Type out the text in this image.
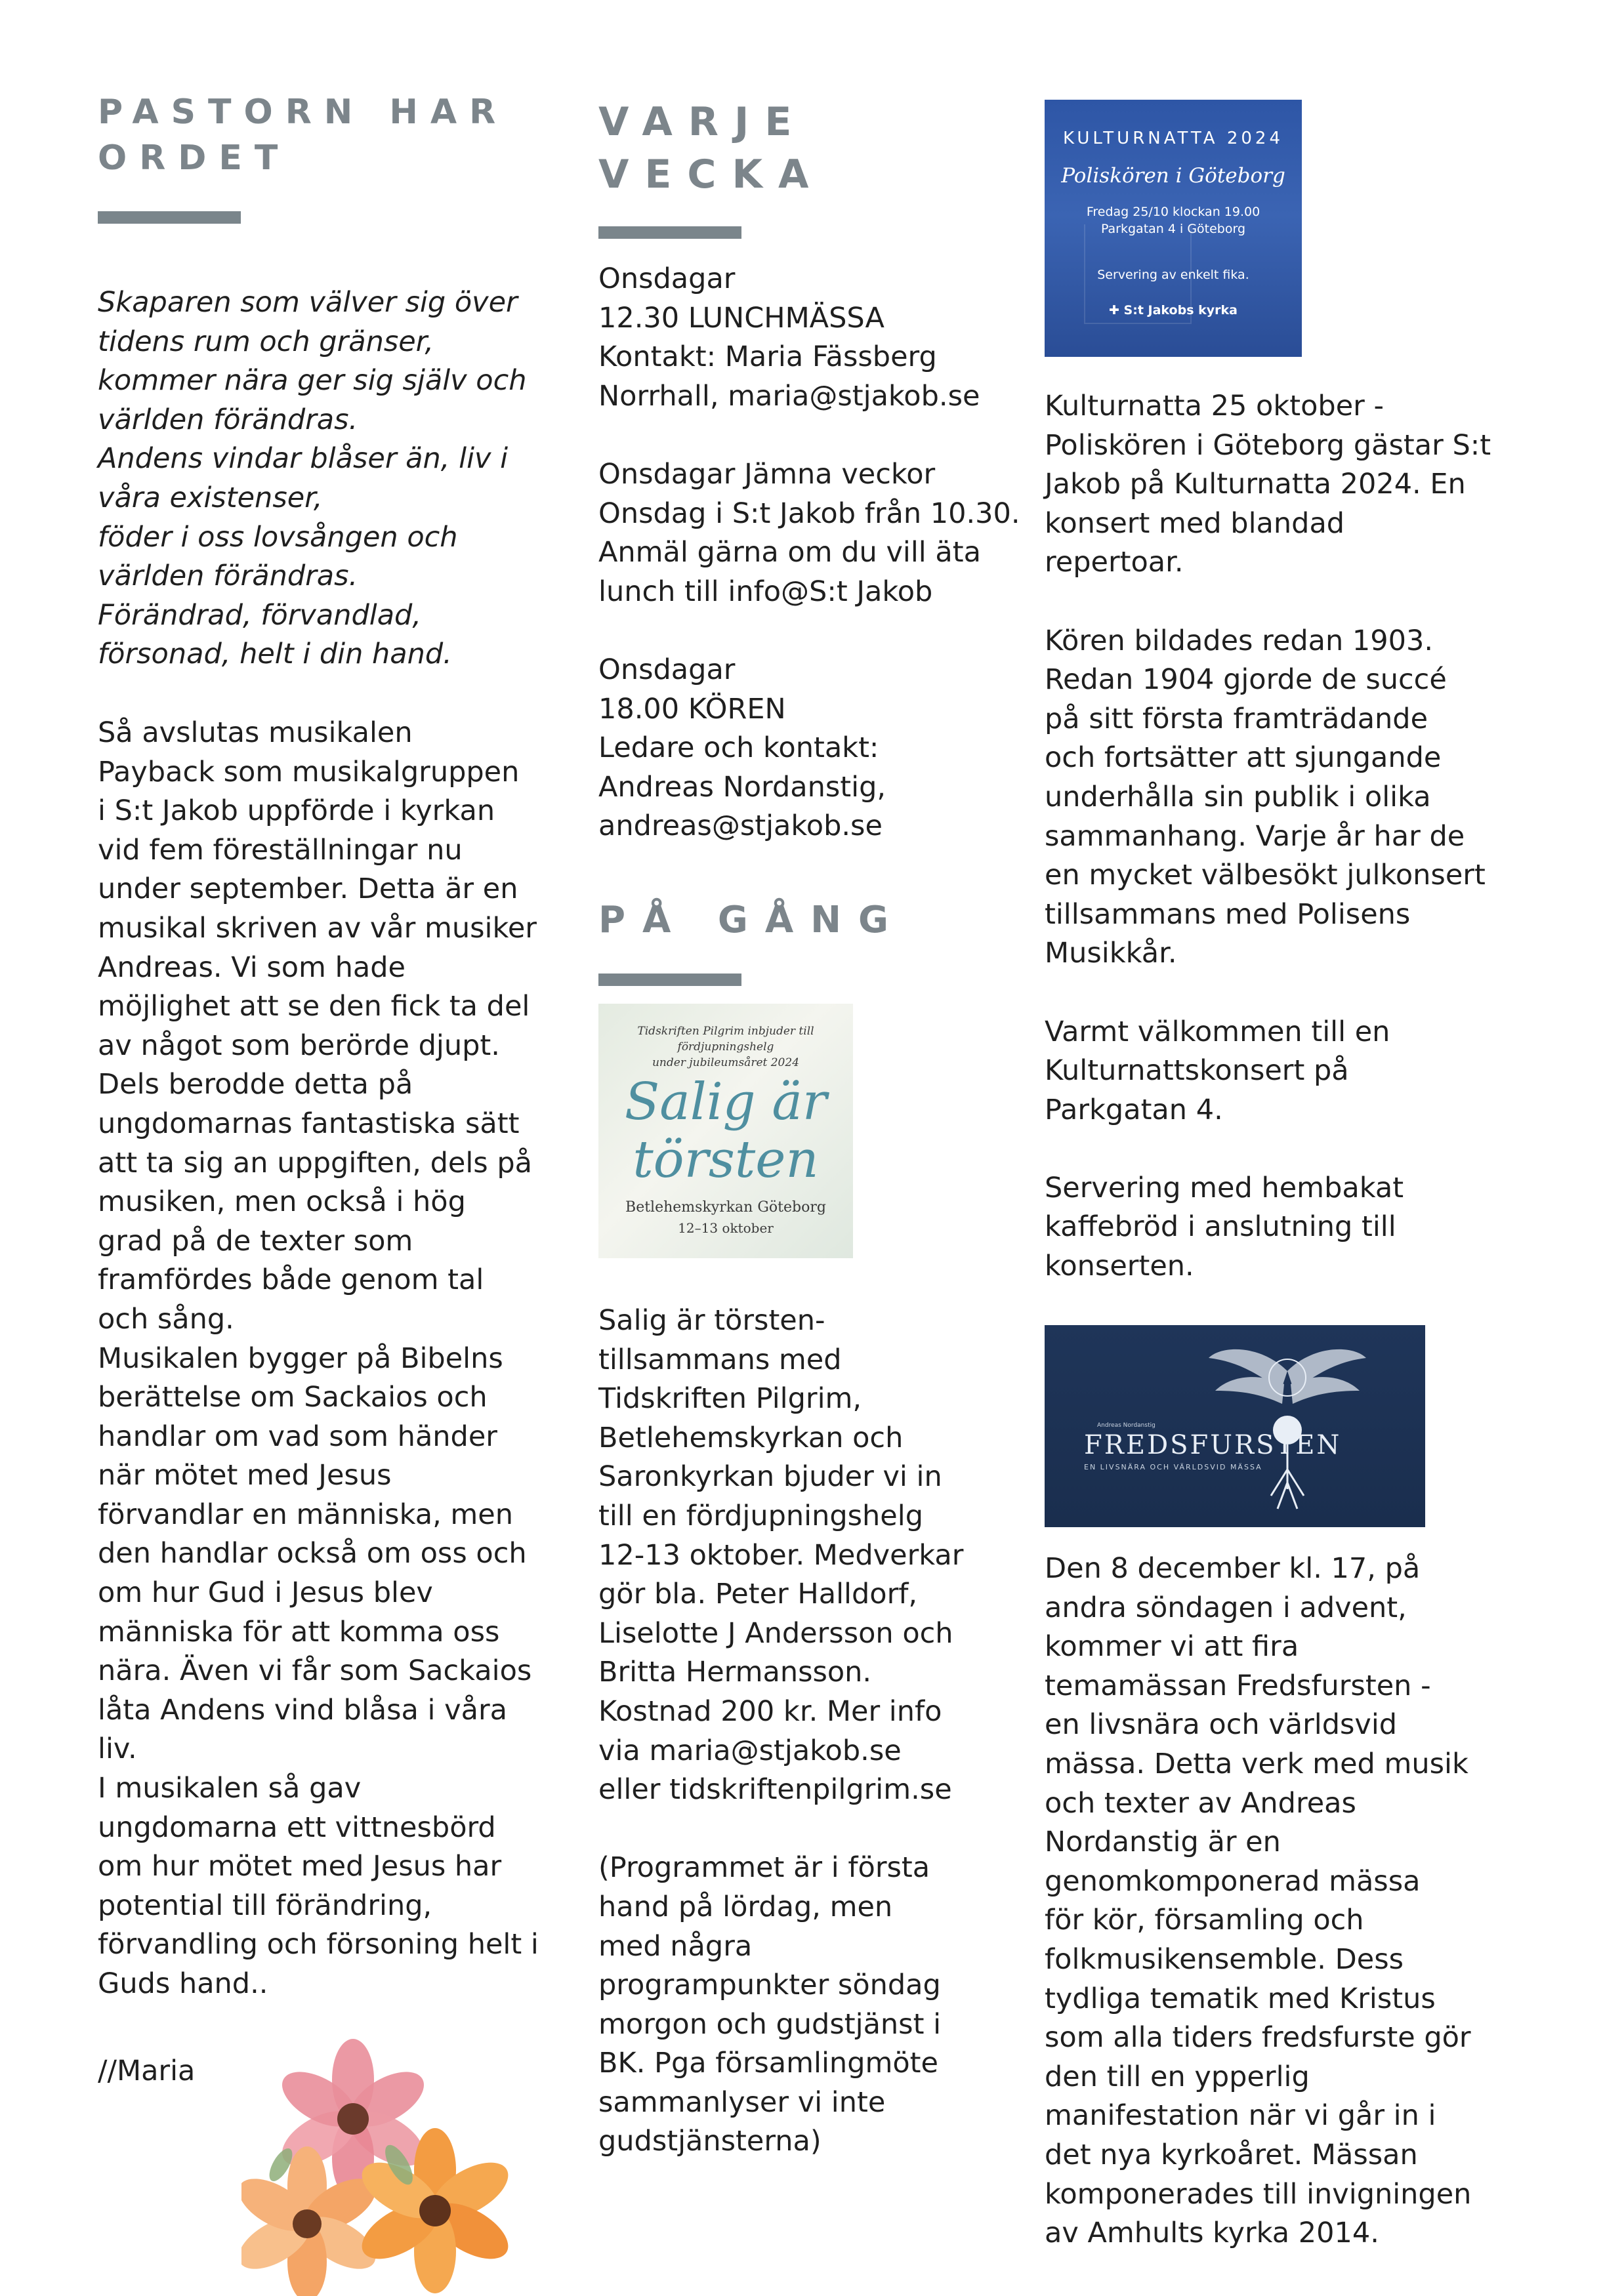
PASTORN HAR
ORDET

Skaparen som välver sig över
tidens rum och gränser,
kommer nära ger sig själv och
världen förändras.
Andens vindar blåser än, liv i
våra existenser,
föder i oss lovsången och
världen förändras.
Förändrad, förvandlad,
försonad, helt i din hand.

Så avslutas musikalen
Payback som musikalgruppen
i S:t Jakob uppförde i kyrkan
vid fem föreställningar nu
under september. Detta är en
musikal skriven av vår musiker
Andreas. Vi som hade
möjlighet att se den fick ta del
av något som berörde djupt.
Dels berodde detta på
ungdomarnas fantastiska sätt
att ta sig an uppgiften, dels på
musiken, men också i hög
grad på de texter som
framfördes både genom tal
och sång.
Musikalen bygger på Bibelns
berättelse om Sackaios och
handlar om vad som händer
när mötet med Jesus
förvandlar en människa, men
den handlar också om oss och
om hur Gud i Jesus blev
människa för att komma oss
nära. Även vi får som Sackaios
låta Andens vind blåsa i våra
liv.
I musikalen så gav
ungdomarna ett vittnesbörd
om hur mötet med Jesus har
potential till förändring,
förvandling och försoning helt i
Guds hand..

//Maria

VARJE
VECKA

Onsdagar
12.30 LUNCHMÄSSA
Kontakt: Maria Fässberg
Norrhall, maria@stjakob.se

Onsdagar Jämna veckor
Onsdag i S:t Jakob från 10.30.
Anmäl gärna om du vill äta
lunch till info@S:t Jakob

Onsdagar
18.00 KÖREN
Ledare och kontakt:
Andreas Nordanstig,
andreas@stjakob.se

PÅ GÅNG
Tidskriften Pilgrim inbjuder till fördjupningshelg
under jubileumsåret 2024
Salig är
törsten
Betlehemskyrkan Göteborg
12–13 oktober

Salig är törsten-
tillsammans med
Tidskriften Pilgrim,
Betlehemskyrkan och
Saronkyrkan bjuder vi in
till en fördjupningshelg
12-13 oktober. Medverkar
gör bla. Peter Halldorf,
Liselotte J Andersson och
Britta Hermansson.
Kostnad 200 kr. Mer info
via maria@stjakob.se
eller tidskriftenpilgrim.se

(Programmet är i första
hand på lördag, men
med några
programpunkter söndag
morgon och gudstjänst i
BK. Pga församlingmöte
sammanlyser vi inte
gudstjänsterna)

KULTURNATTA 2024
Poliskören i Göteborg
Fredag 25/10 klockan 19.00
Parkgatan 4 i Göteborg
Servering av enkelt fika.
✚ S:t Jakobs kyrka

Kulturnatta 25 oktober -
Poliskören i Göteborg gästar S:t
Jakob på Kulturnatta 2024. En
konsert med blandad
repertoar.

Kören bildades redan 1903.
Redan 1904 gjorde de succé
på sitt första framträdande
och fortsätter att sjungande
underhålla sin publik i olika
sammanhang. Varje år har de
en mycket välbesökt julkonsert
tillsammans med Polisens
Musikkår.

Varmt välkommen till en
Kulturnattskonsert på
Parkgatan 4.

Servering med hembakat
kaffebröd i anslutning till
konserten.

Andreas Nordanstig
FREDSFURSTEN
EN LIVSNÄRA OCH VÄRLDSVID MÄSSA

Den 8 december kl. 17, på
andra söndagen i advent,
kommer vi att fira
temamässan Fredsfursten -
en livsnära och världsvid
mässa. Detta verk med musik
och texter av Andreas
Nordanstig är en
genomkomponerad mässa
för kör, församling och
folkmusikensemble. Dess
tydliga tematik med Kristus
som alla tiders fredsfurste gör
den till en ypperlig
manifestation när vi går in i
det nya kyrkoåret. Mässan
komponerades till invigningen
av Amhults kyrka 2014.
